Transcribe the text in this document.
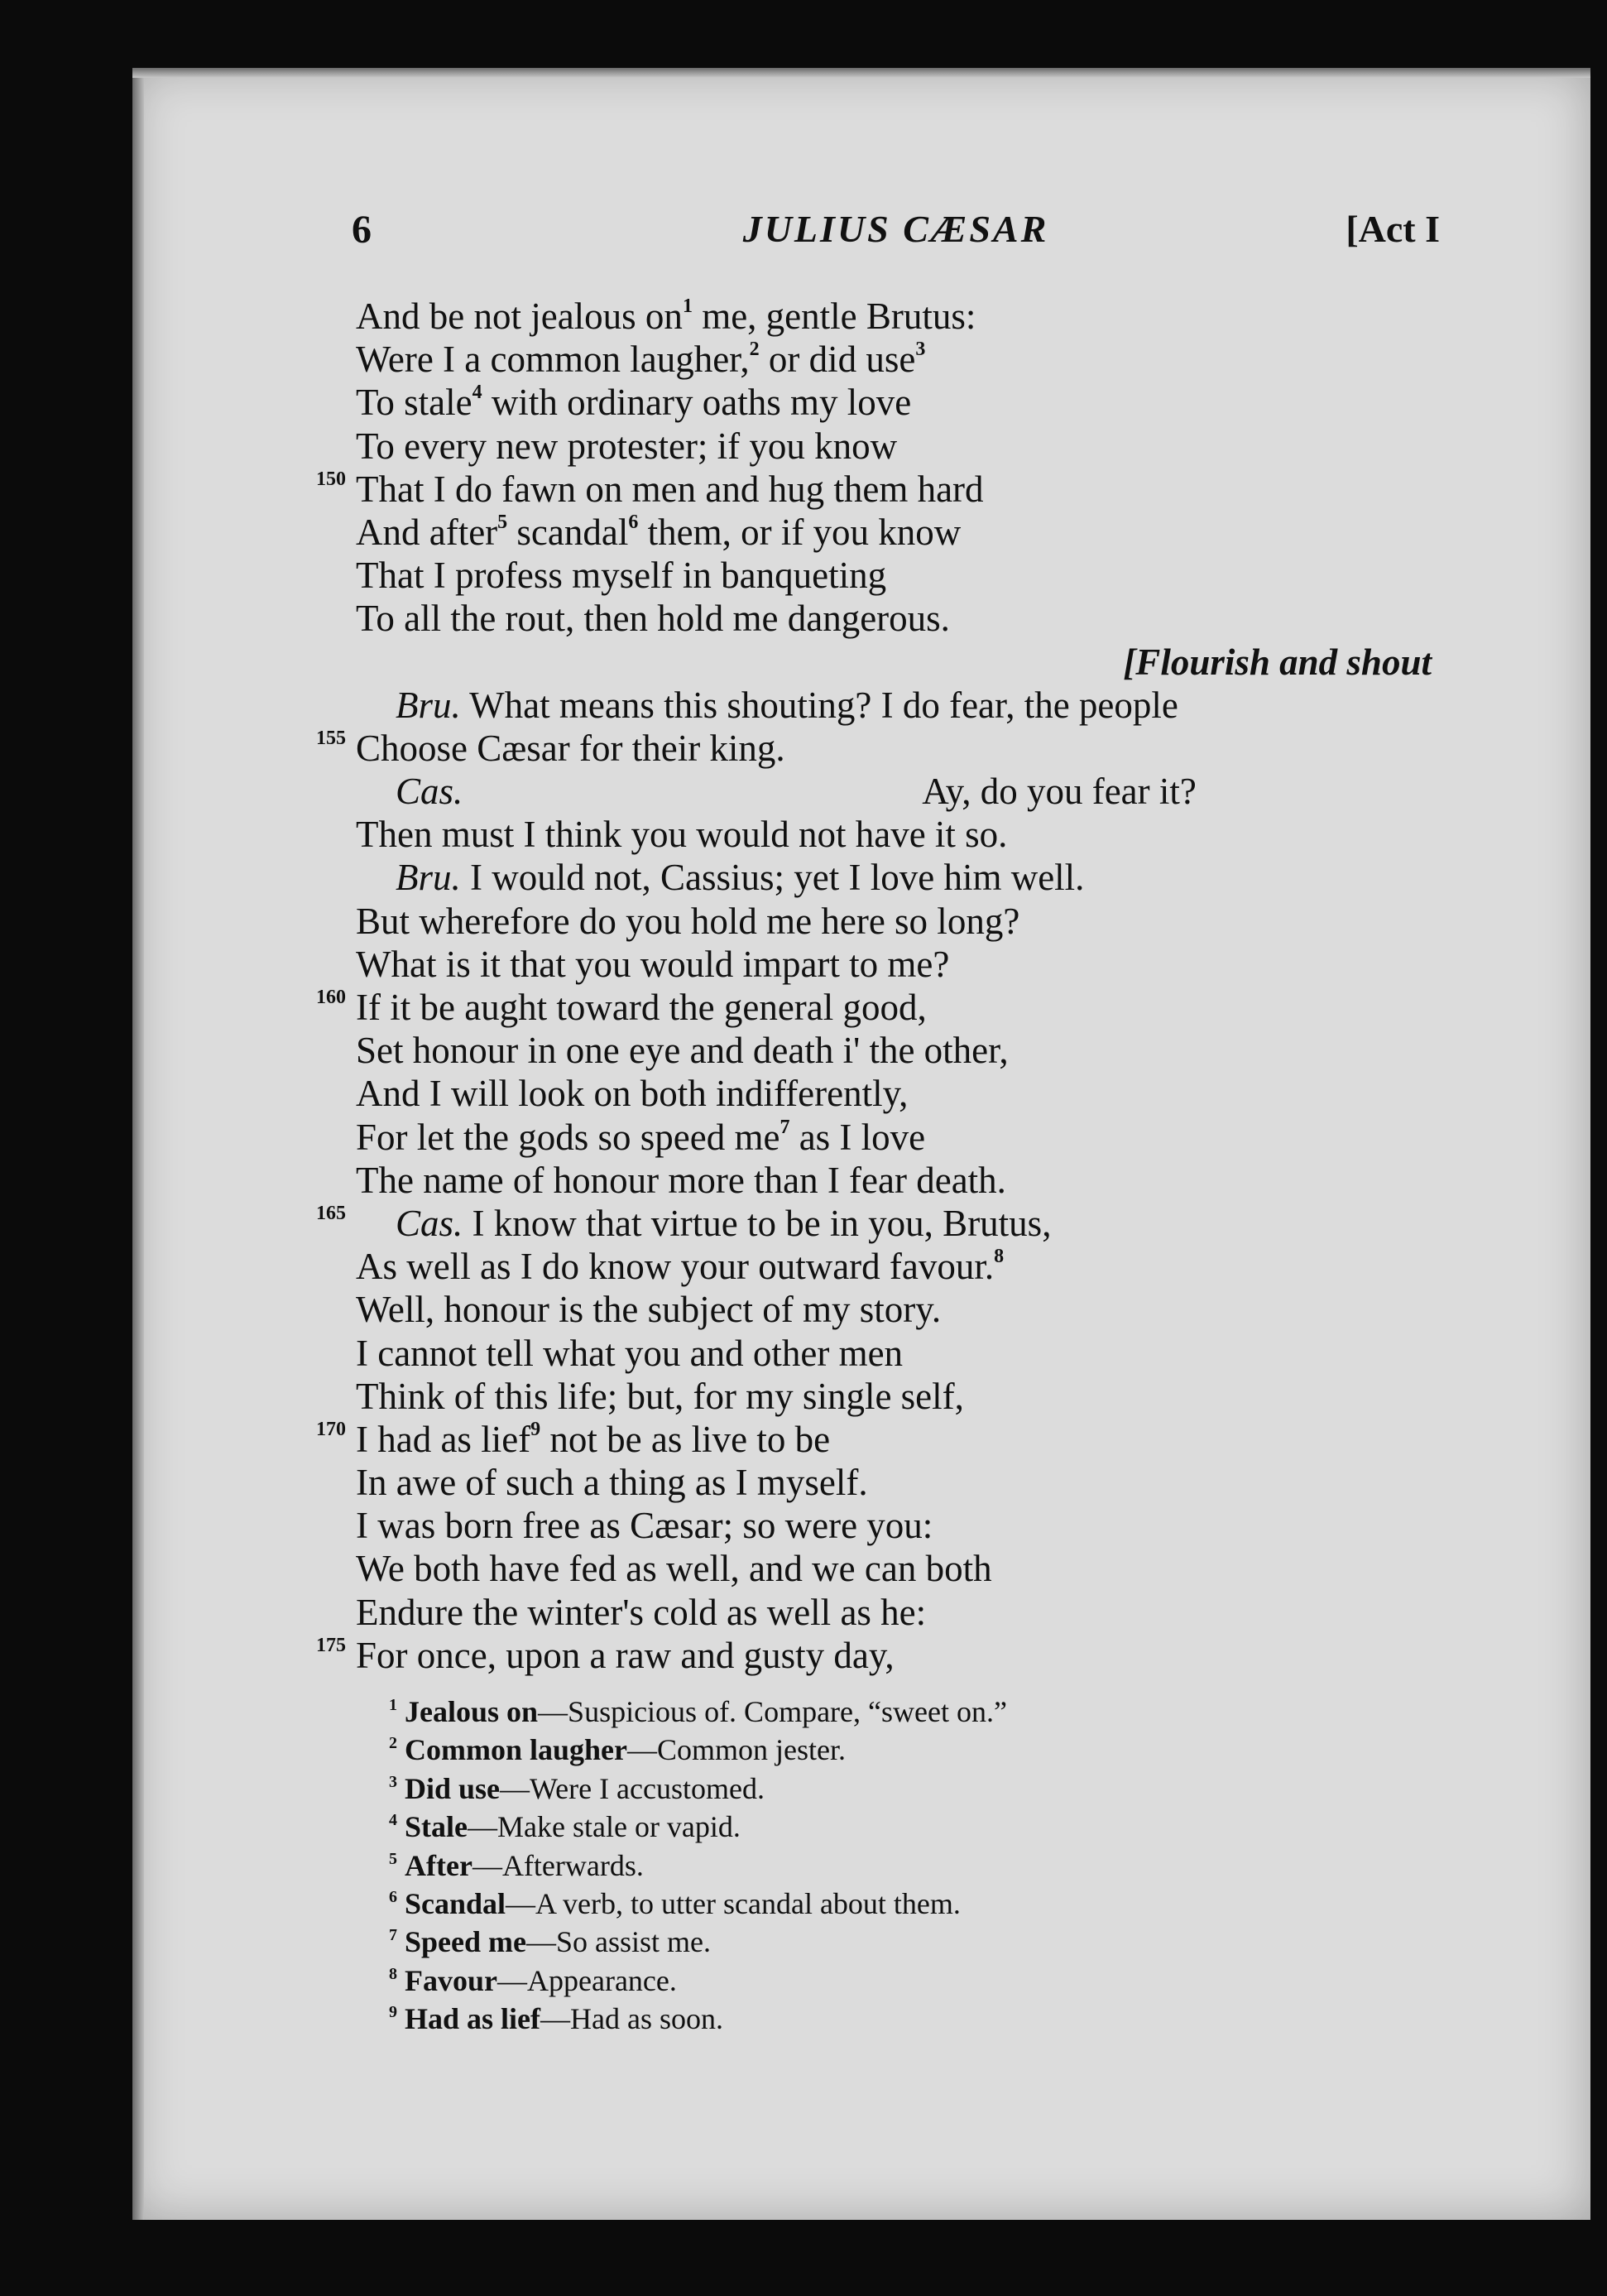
6	JULIUS CÆSAR	[Act I
And be not jealous $on^1$ me, gentle Brutus:
Were I a common laugher,$^2$ or did use$^3$
To stale$^4$ with ordinary oaths my love
To every new protester; if you know
150 That I do fawn on men and hug them hard
And after$^5$ scandal$^6$ them, or if you know
That I profess myself in banqueting
To all the rout, then hold me dangerous.
[Flourish and shout
Bru. What means this shouting? I do fear, the people
155 Choose Cæsar for their king.
Cas.	Ay, do you fear it?
Then must I think you would not have it so.
Bru. I would not, Cassius; yet I love him well.
But wherefore do you hold me here so long?
What is it that you would impart to me?
160 If it be aught toward the general good,
Set honour in one eye and death i' the other,
And I will look on both indifferently,
For let the gods so speed $me^7$ as I love
The name of honour more than I fear death.
165 Cas. I know that virtue to be in you, Brutus,
As well as I do know your outward favour.$^8$
Well, honour is the subject of my story.
I cannot tell what you and other men
Think of this life; but, for my single self,
170 I had as lief$^9$ not be as live to be
In awe of such a thing as I myself.
I was born free as Cæsar; so were you:
We both have fed as well, and we can both
Endure the winter's cold as well as he:
175 For once, upon a raw and gusty day,
$^1$ Jealous on—Suspicious of. Compare, “sweet on.”
$^2$ Common laugher—Common jester.
$^3$ Did use—Were I accustomed.
$^4$ Stale—Make stale or vapid.
$^5$ After—Afterwards.
$^6$ Scandal—A verb, to utter scandal about them.
$^7$ Speed me—So assist me.
$^8$ Favour—Appearance.
$^9$ Had as lief—Had as soon.
